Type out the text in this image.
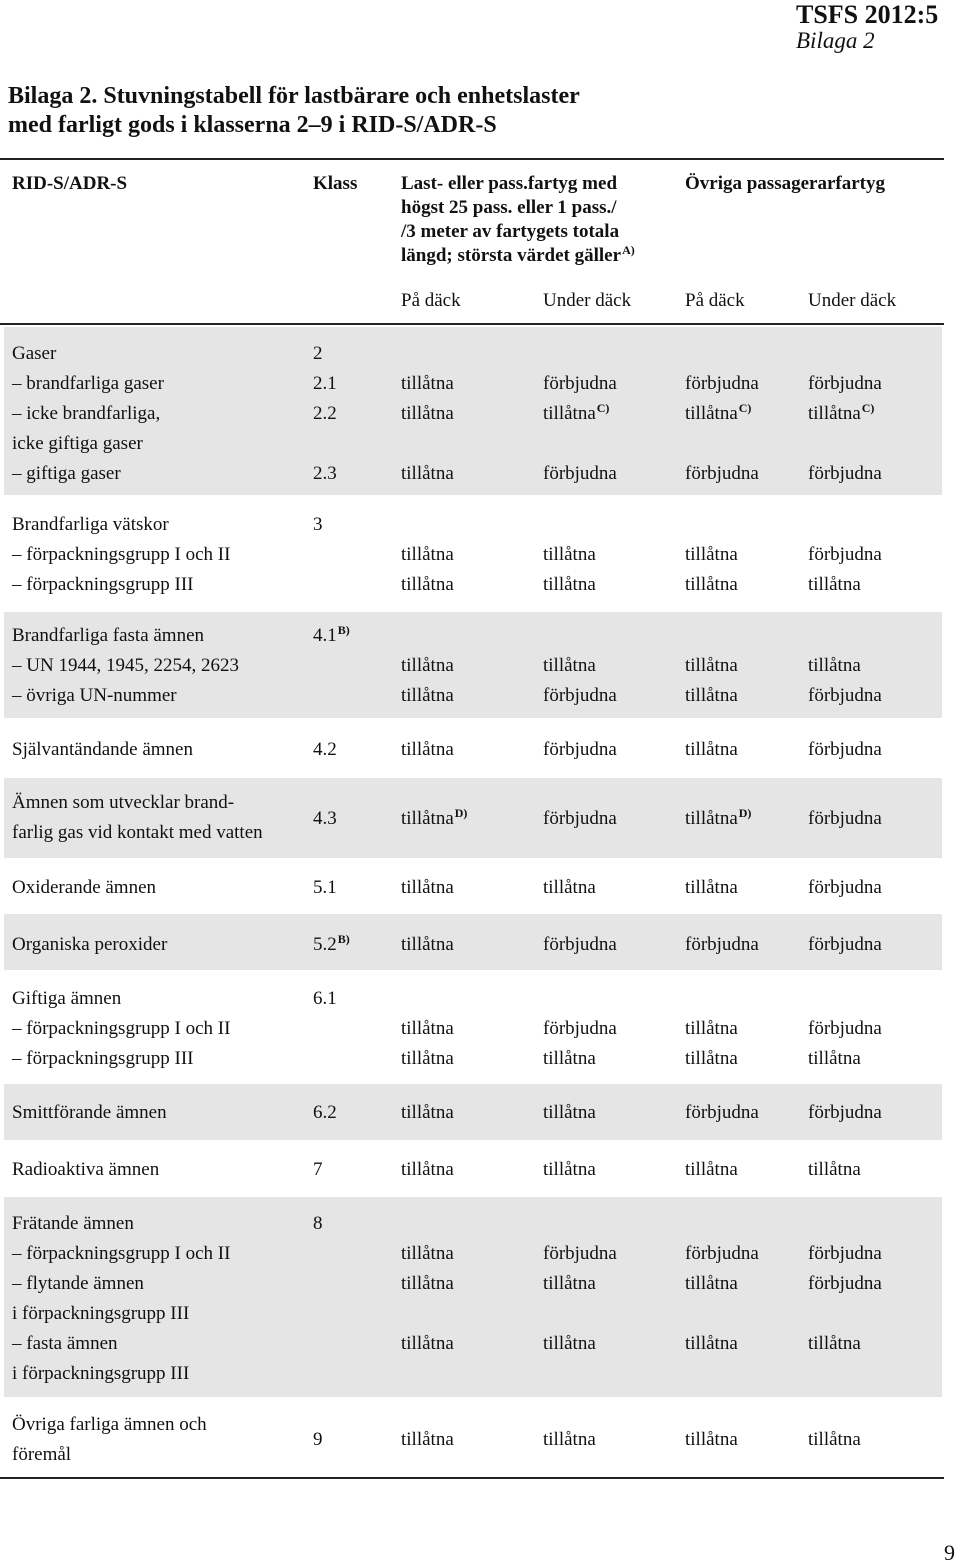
TSFS 2012:5
Bilaga 2
Bilaga 2. Stuvningstabell för lastbärare och enhetslaster
med farligt gods i klasserna 2–9 i RID-S/ADR-S
RID-S/ADR-S	Klass Last- eller pass.fartyg med
högst 25 pass. eller 1 pass./
/3 meter av fartygets totala
längd; största värdet gäller$^{A)}$
Övriga passagerarfartyg
På däck	Under däck	På däck	Under däck
Gaser	2
– brandfarliga gaser	2.1	tillåtna	förbjudna	förbjudna	förbjudna
– icke brandfarliga,	2.2	tillåtna	tillåtna$^{C)}$	tillåtna$^{C)}$	tillåtna$^{C)}$
icke giftiga gaser
– giftiga gaser	2.3	tillåtna	förbjudna	förbjudna	förbjudna
Brandfarliga vätskor	3
– förpackningsgrupp I och II	tillåtna	tillåtna	tillåtna	förbjudna
– förpackningsgrupp III	tillåtna	tillåtna	tillåtna	tillåtna
Brandfarliga fasta ämnen	$4.1^{B)}$
– UN 1944, 1945, 2254, 2623	tillåtna	tillåtna	tillåtna	tillåtna
– övriga UN-nummer	tillåtna	förbjudna	tillåtna	förbjudna
Självantändande ämnen	4.2	tillåtna	förbjudna	tillåtna	förbjudna
Ämnen som utvecklar brand-
farlig gas vid kontakt med vatten
4.3	tillåtna$^{D)}$	förbjudna	tillåtna$^{D)}$	förbjudna
Oxiderande ämnen	5.1	tillåtna	tillåtna	tillåtna	förbjudna
Organiska peroxider	$5.2^{B)}$	tillåtna	förbjudna	förbjudna	förbjudna
Giftiga ämnen	6.1
– förpackningsgrupp I och II	tillåtna	förbjudna	tillåtna	förbjudna
– förpackningsgrupp III	tillåtna	tillåtna	tillåtna	tillåtna
Smittförande ämnen	6.2	tillåtna	tillåtna	förbjudna	förbjudna
Radioaktiva ämnen	7	tillåtna	tillåtna	tillåtna	tillåtna
Frätande ämnen	8
– förpackningsgrupp I och II	tillåtna	förbjudna	förbjudna	förbjudna
– flytande ämnen	tillåtna	tillåtna	tillåtna	förbjudna
i förpackningsgrupp III
– fasta ämnen	tillåtna	tillåtna	tillåtna	tillåtna
i förpackningsgrupp III
Övriga farliga ämnen och
föremål
9	tillåtna	tillåtna	tillåtna	tillåtna
9
